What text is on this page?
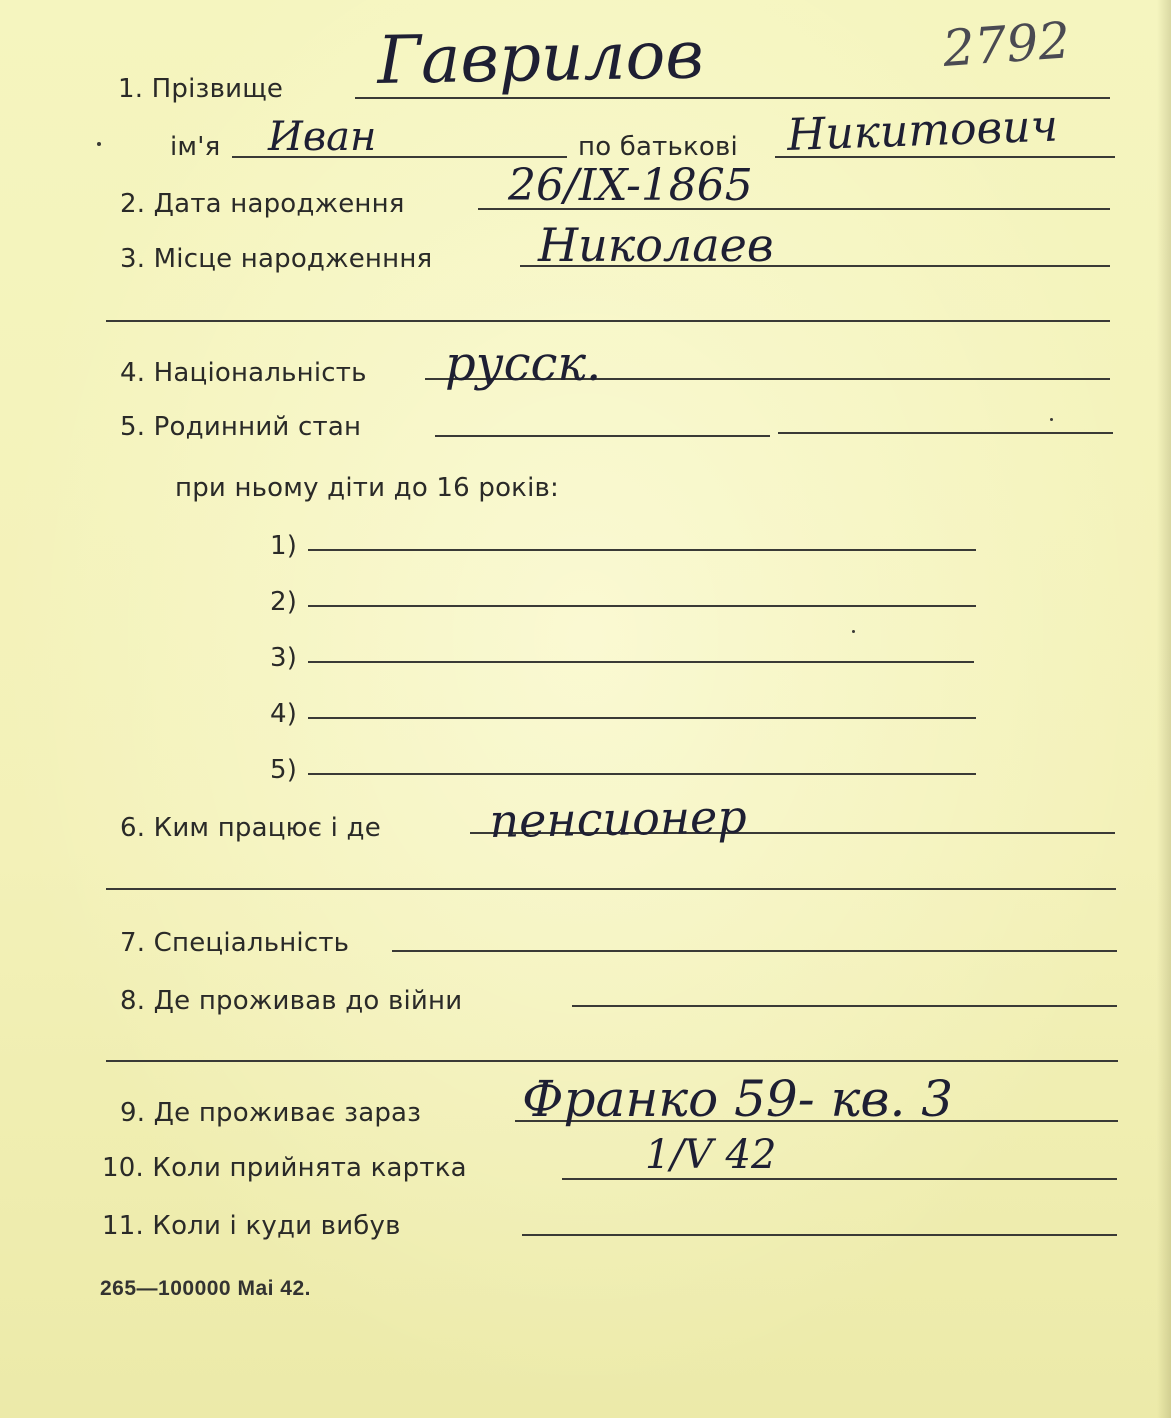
1. Прізвище Гаврилов	2792
ім'я Иван	по батькові Никитович
2. Дата народження 26/IX-1865
3. Місце народженння Николаев
4. Національність русск.
5. Родинний стан
при ньому діти до 16 років:
1)
2)
3)
4)
5)
6. Ким працює і де пенсионер
7. Спеціальність
8. Де проживав до війни
9. Де проживає зараз Франко 59- кв. 3
10. Коли прийнята картка	1/V 42
11. Коли і куди вибув
265—100000 Mai 42.
